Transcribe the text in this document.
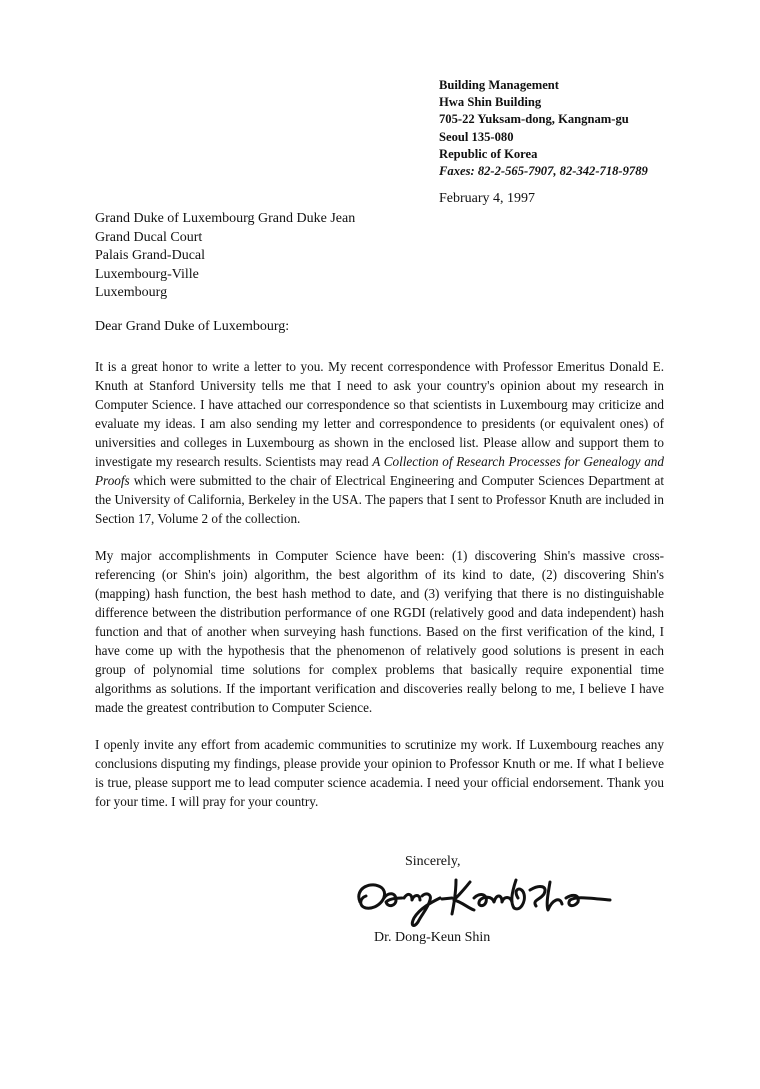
Building Management
Hwa Shin Building
705-22 Yuksam-dong, Kangnam-gu
Seoul 135-080
Republic of Korea
Faxes: 82-2-565-7907, 82-342-718-9789
February 4, 1997
Grand Duke of Luxembourg Grand Duke Jean
Grand Ducal Court
Palais Grand-Ducal
Luxembourg-Ville
Luxembourg
Dear Grand Duke of Luxembourg:

It is a great honor to write a letter to you. My recent correspondence with Professor Emeritus Donald E. Knuth at Stanford University tells me that I need to ask your country's opinion about my research in Computer Science. I have attached our correspondence so that scientists in Luxembourg may criticize and evaluate my ideas. I am also sending my letter and correspondence to presidents (or equivalent ones) of universities and colleges in Luxembourg as shown in the enclosed list. Please allow and support them to investigate my research results. Scientists may read A Collection of Research Processes for Genealogy and Proofs which were submitted to the chair of Electrical Engineering and Computer Sciences Department at the University of California, Berkeley in the USA. The papers that I sent to Professor Knuth are included in Section 17, Volume 2 of the collection.

My major accomplishments in Computer Science have been: (1) discovering Shin's massive cross-referencing (or Shin's join) algorithm, the best algorithm of its kind to date, (2) discovering Shin's (mapping) hash function, the best hash method to date, and (3) verifying that there is no distinguishable difference between the distribution performance of one RGDI (relatively good and data independent) hash function and that of another when surveying hash functions. Based on the first verification of the kind, I have come up with the hypothesis that the phenomenon of relatively good solutions is present in each group of polynomial time solutions for complex problems that basically require exponential time algorithms as solutions. If the important verification and discoveries really belong to me, I believe I have made the greatest contribution to Computer Science.

I openly invite any effort from academic communities to scrutinize my work. If Luxembourg reaches any conclusions disputing my findings, please provide your opinion to Professor Knuth or me. If what I believe is true, please support me to lead computer science academia. I need your official endorsement. Thank you for your time. I will pray for your country.

Sincerely,
Dr. Dong-Keun Shin
